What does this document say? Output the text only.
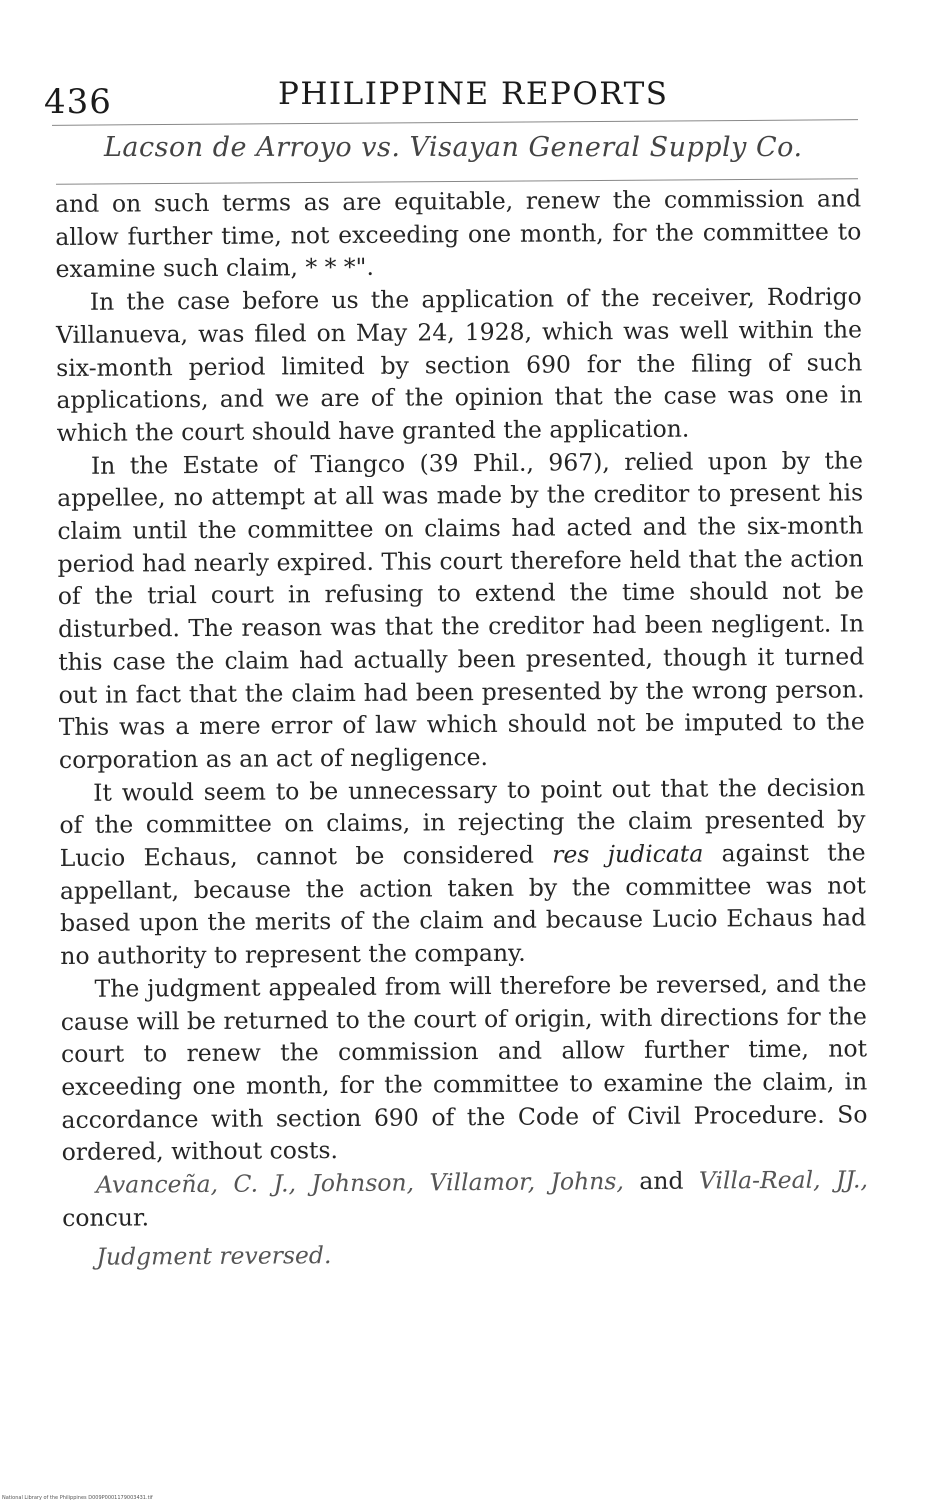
436	PHILIPPINE REPORTS
Lacson de Arroyo vs. Visayan General Supply Co.

and on such terms as are equitable, renew the commission and allow further time, not exceeding one month, for the committee to examine such claim, * * *".

In the case before us the application of the receiver, Rodrigo Villanueva, was filed on May 24, 1928, which was well within the six-month period limited by section 690 for the filing of such applications, and we are of the opinion that the case was one in which the court should have granted the application.

In the Estate of Tiangco (39 Phil., 967), relied upon by the appellee, no attempt at all was made by the creditor to present his claim until the committee on claims had acted and the six-month period had nearly expired. This court therefore held that the action of the trial court in refusing to extend the time should not be disturbed. The reason was that the creditor had been negligent. In this case the claim had actually been presented, though it turned out in fact that the claim had been presented by the wrong person. This was a mere error of law which should not be imputed to the corporation as an act of negligence.

It would seem to be unnecessary to point out that the decision of the committee on claims, in rejecting the claim presented by Lucio Echaus, cannot be considered res judicata against the appellant, because the action taken by the committee was not based upon the merits of the claim and because Lucio Echaus had no authority to represent the company.

The judgment appealed from will therefore be reversed, and the cause will be returned to the court of origin, with directions for the court to renew the commission and allow further time, not exceeding one month, for the committee to examine the claim, in accordance with section 690 of the Code of Civil Procedure. So ordered, without costs.

Avanceña, C. J., Johnson, Villamor, Johns, and Villa-Real, JJ., concur.

Judgment reversed.

National Library of the Philippines D009P0001179003431.tif
